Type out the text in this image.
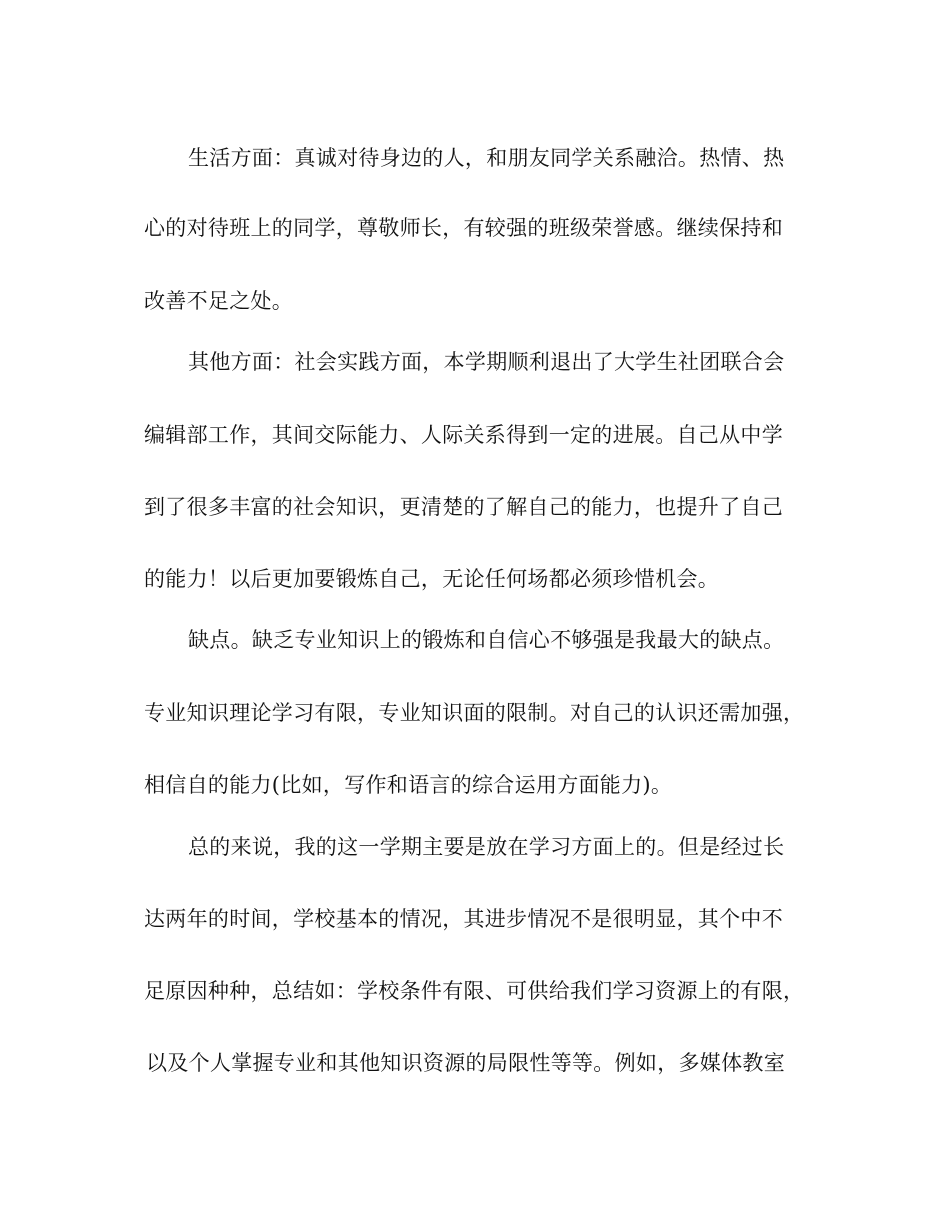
生活方面：真诚对待身边的人，和朋友同学关系融洽。热情、热
心的对待班上的同学，尊敬师长，有较强的班级荣誉感。继续保持和
改善不足之处。
其他方面：社会实践方面，本学期顺利退出了大学生社团联合会
编辑部工作，其间交际能力、人际关系得到一定的进展。自己从中学
到了很多丰富的社会知识，更清楚的了解自己的能力，也提升了自己
的能力！以后更加要锻炼自己，无论任何场都必须珍惜机会。
缺点。缺乏专业知识上的锻炼和自信心不够强是我最大的缺点。
专业知识理论学习有限，专业知识面的限制。对自己的认识还需加强，
相信自的能力(比如，写作和语言的综合运用方面能力)。
总的来说，我的这一学期主要是放在学习方面上的。但是经过长
达两年的时间，学校基本的情况，其进步情况不是很明显，其个中不
足原因种种，总结如：学校条件有限、可供给我们学习资源上的有限，
以及个人掌握专业和其他知识资源的局限性等等。例如，多媒体教室
